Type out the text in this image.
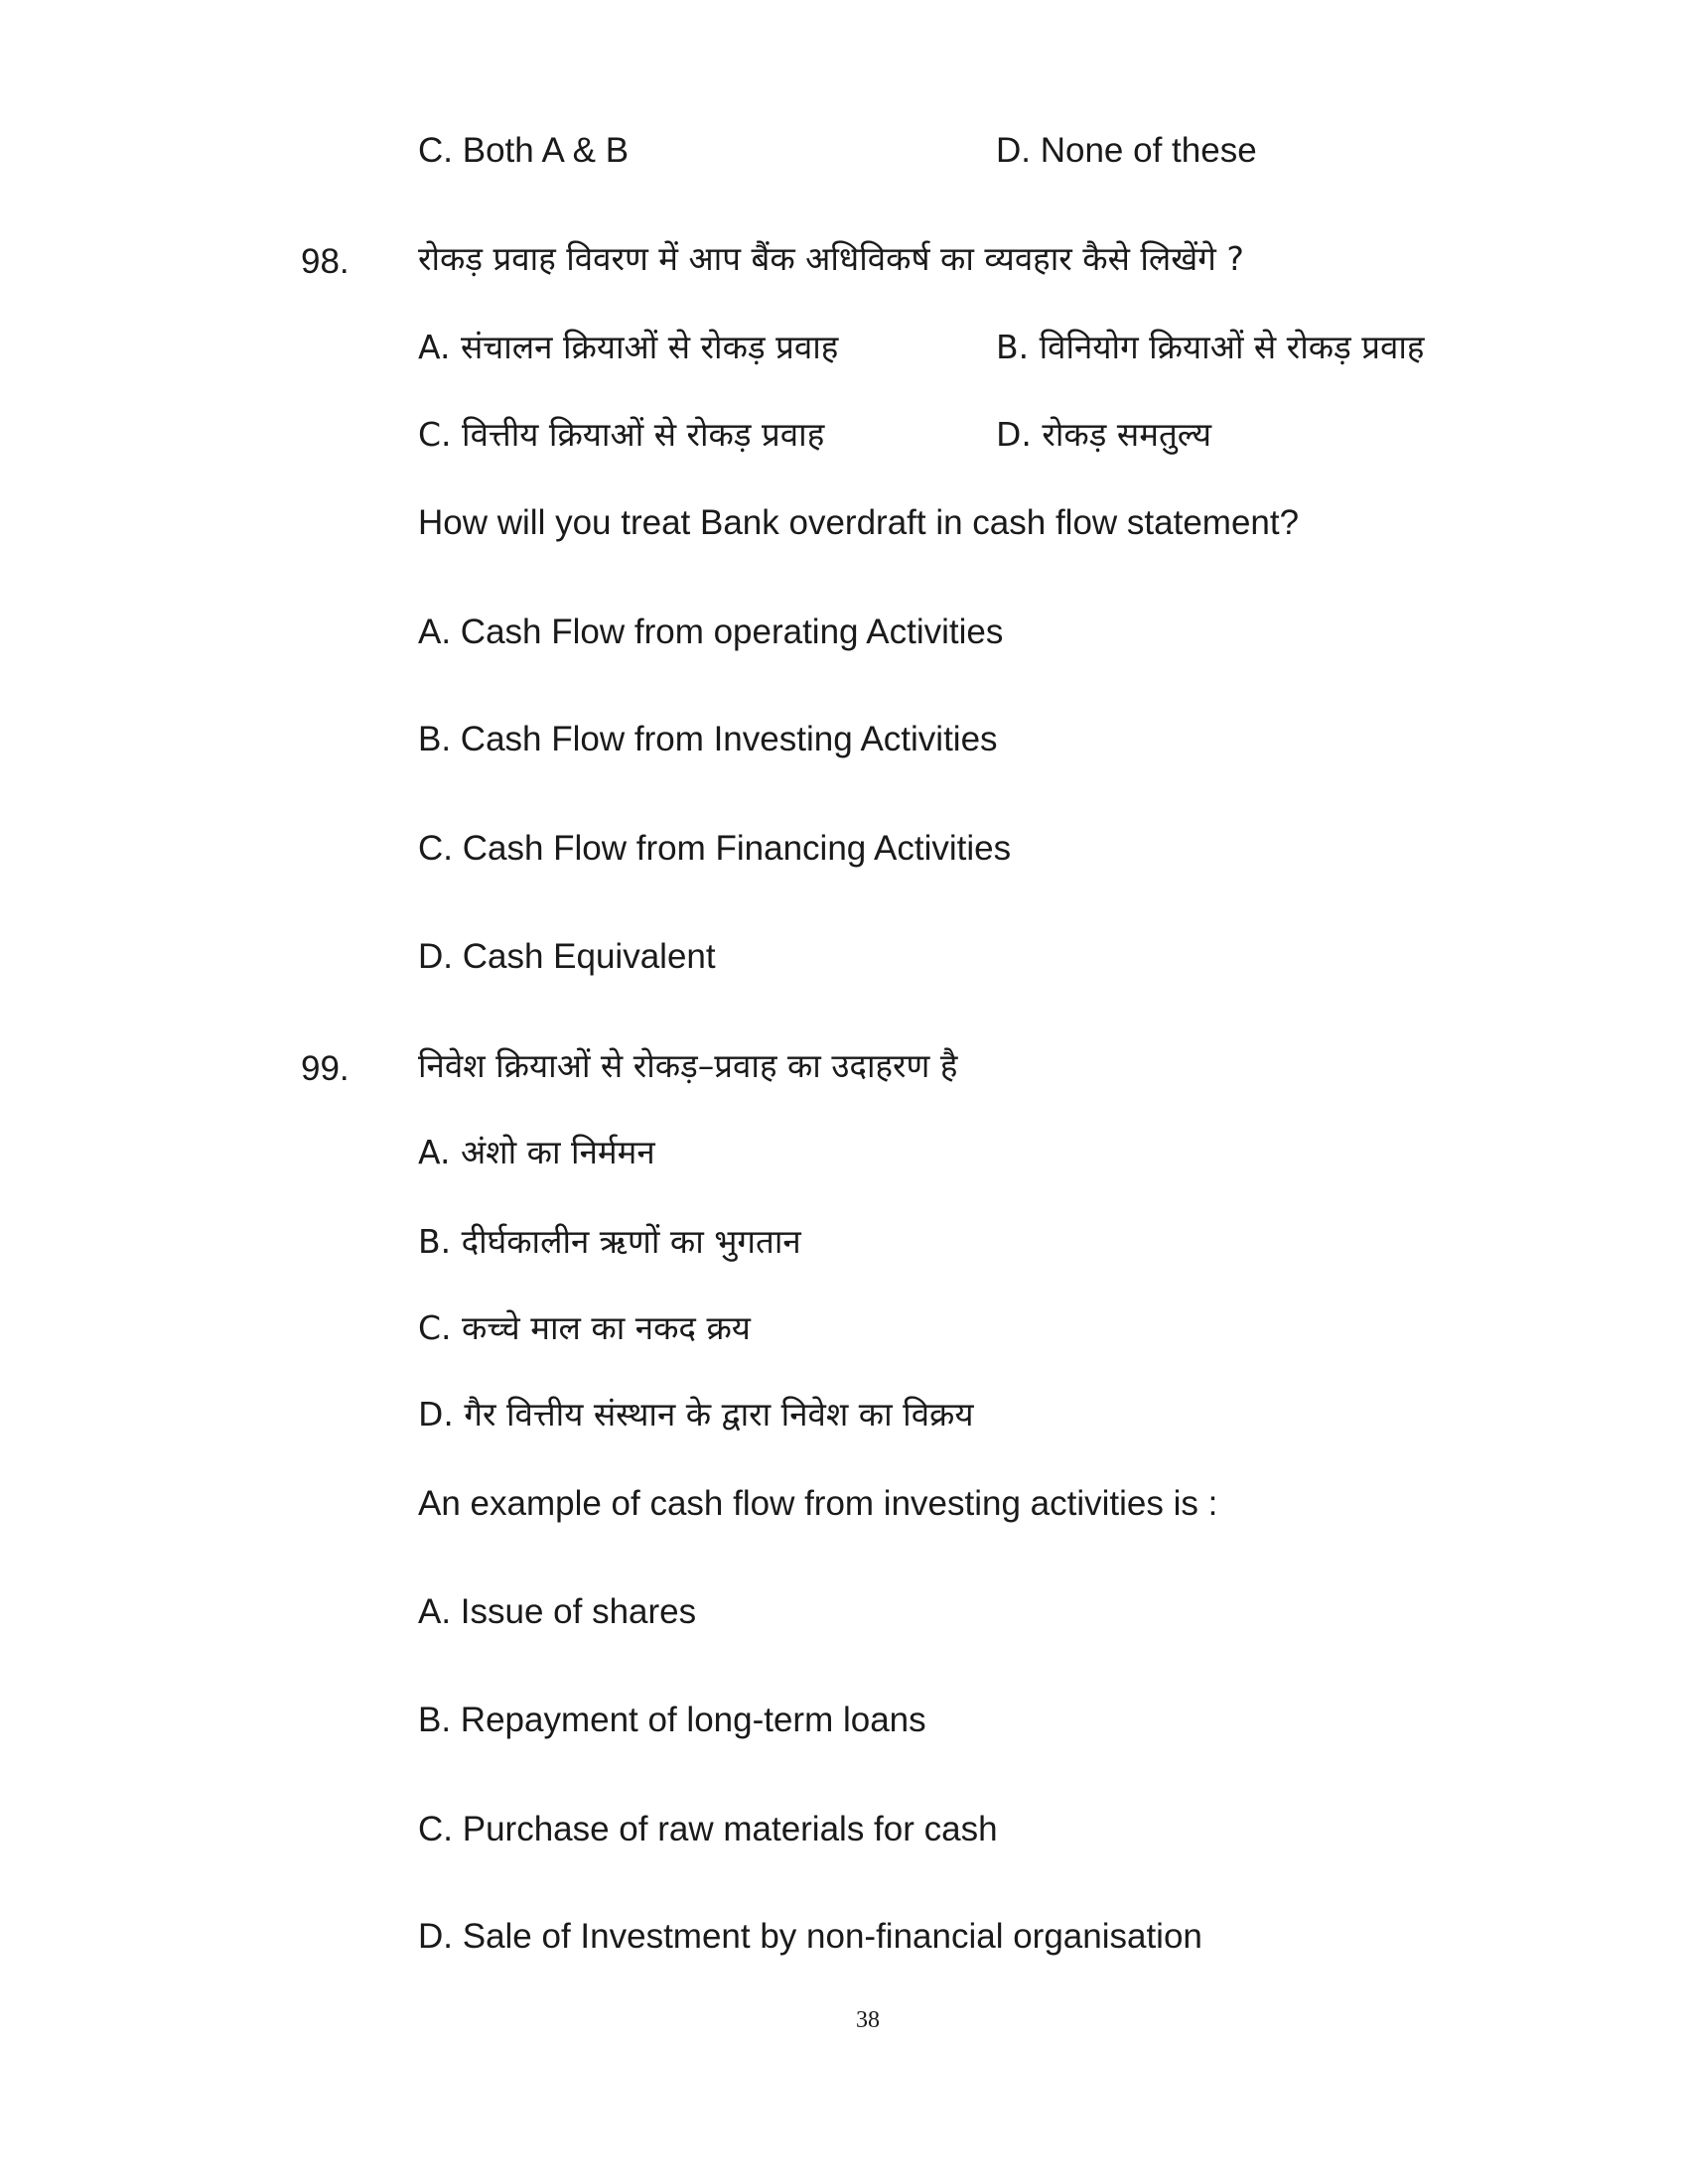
C. Both A & B	D. None of these
98. रोकड़ प्रवाह विवरण में आप बैंक अधिविकर्ष का व्यवहार कैसे लिखेंगे ?
A. संचालन क्रियाओं से रोकड़ प्रवाह	B. विनियोग क्रियाओं से रोकड़ प्रवाह
C. वित्तीय क्रियाओं से रोकड़ प्रवाह	D. रोकड़ समतुल्य
How will you treat Bank overdraft in cash flow statement?
A. Cash Flow from operating Activities
B. Cash Flow from Investing Activities
C. Cash Flow from Financing Activities
D. Cash Equivalent
99. निवेश क्रियाओं से रोकड़–प्रवाह का उदाहरण है
A. अंशो का निर्ममन
B. दीर्घकालीन ऋणों का भुगतान
C. कच्चे माल का नकद क्रय
D. गैर वित्तीय संस्थान के द्वारा निवेश का विक्रय
An example of cash flow from investing activities is :
A. Issue of shares
B. Repayment of long-term loans
C. Purchase of raw materials for cash
D. Sale of Investment by non-financial organisation
38
